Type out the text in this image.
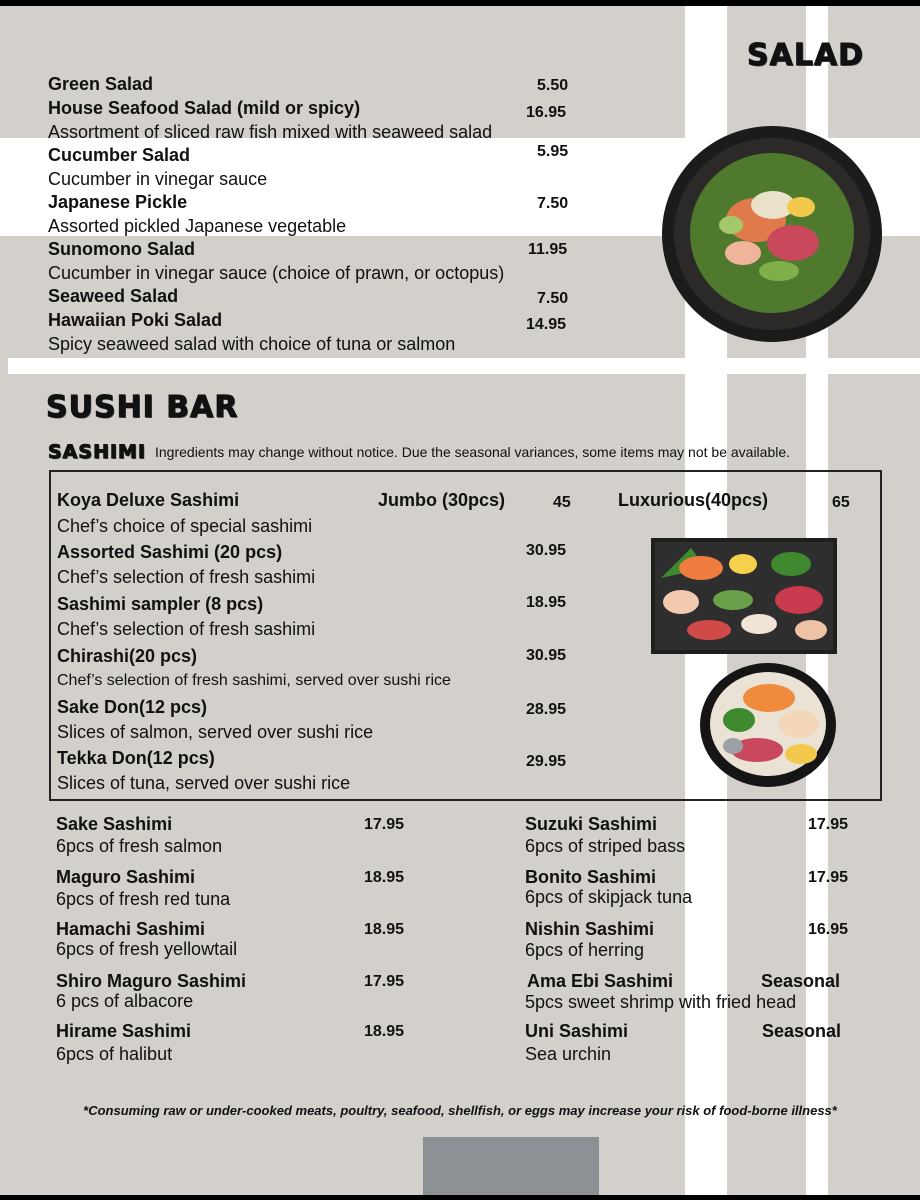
SALAD
Green Salad	5.50
House Seafood Salad (mild or spicy)	16.95
Assortment of sliced raw fish mixed with seaweed salad
Cucumber Salad	5.95
Cucumber in vinegar sauce
Japanese Pickle	7.50
Assorted pickled Japanese vegetable
Sunomono Salad	11.95
Cucumber in vinegar sauce (choice of prawn, or octopus)
Seaweed Salad	7.50
Hawaiian Poki Salad	14.95
Spicy seaweed salad with choice of tuna or salmon
SUSHI BAR
SASHIMI Ingredients may change without notice. Due the seasonal variances, some items may not be available.
Koya Deluxe Sashimi	Jumbo (30pcs)	45	Luxurious(40pcs)	65
Chef’s choice of special sashimi
Assorted Sashimi (20 pcs)	30.95
Chef’s selection of fresh sashimi
Sashimi sampler (8 pcs)	18.95
Chef’s selection of fresh sashimi
Chirashi(20 pcs)	30.95
Chef’s selection of fresh sashimi, served over sushi rice
Sake Don(12 pcs)	28.95
Slices of salmon, served over sushi rice
Tekka Don(12 pcs)	29.95
Slices of tuna, served over sushi rice
Sake Sashimi	17.95
6pcs of fresh salmon
Maguro Sashimi	18.95
6pcs of fresh red tuna
Hamachi Sashimi	18.95
6pcs of fresh yellowtail
Shiro Maguro Sashimi	17.95
6 pcs of albacore
Hirame Sashimi	18.95
6pcs of halibut
Suzuki Sashimi	17.95
6pcs of striped bass
Bonito Sashimi	17.95
6pcs of skipjack tuna
Nishin Sashimi	16.95
6pcs of herring
Ama Ebi Sashimi	Seasonal
5pcs sweet shrimp with fried head
Uni Sashimi	Seasonal
Sea urchin
*Consuming raw or under-cooked meats, poultry, seafood, shellfish, or eggs may increase your risk of food-borne illness*
